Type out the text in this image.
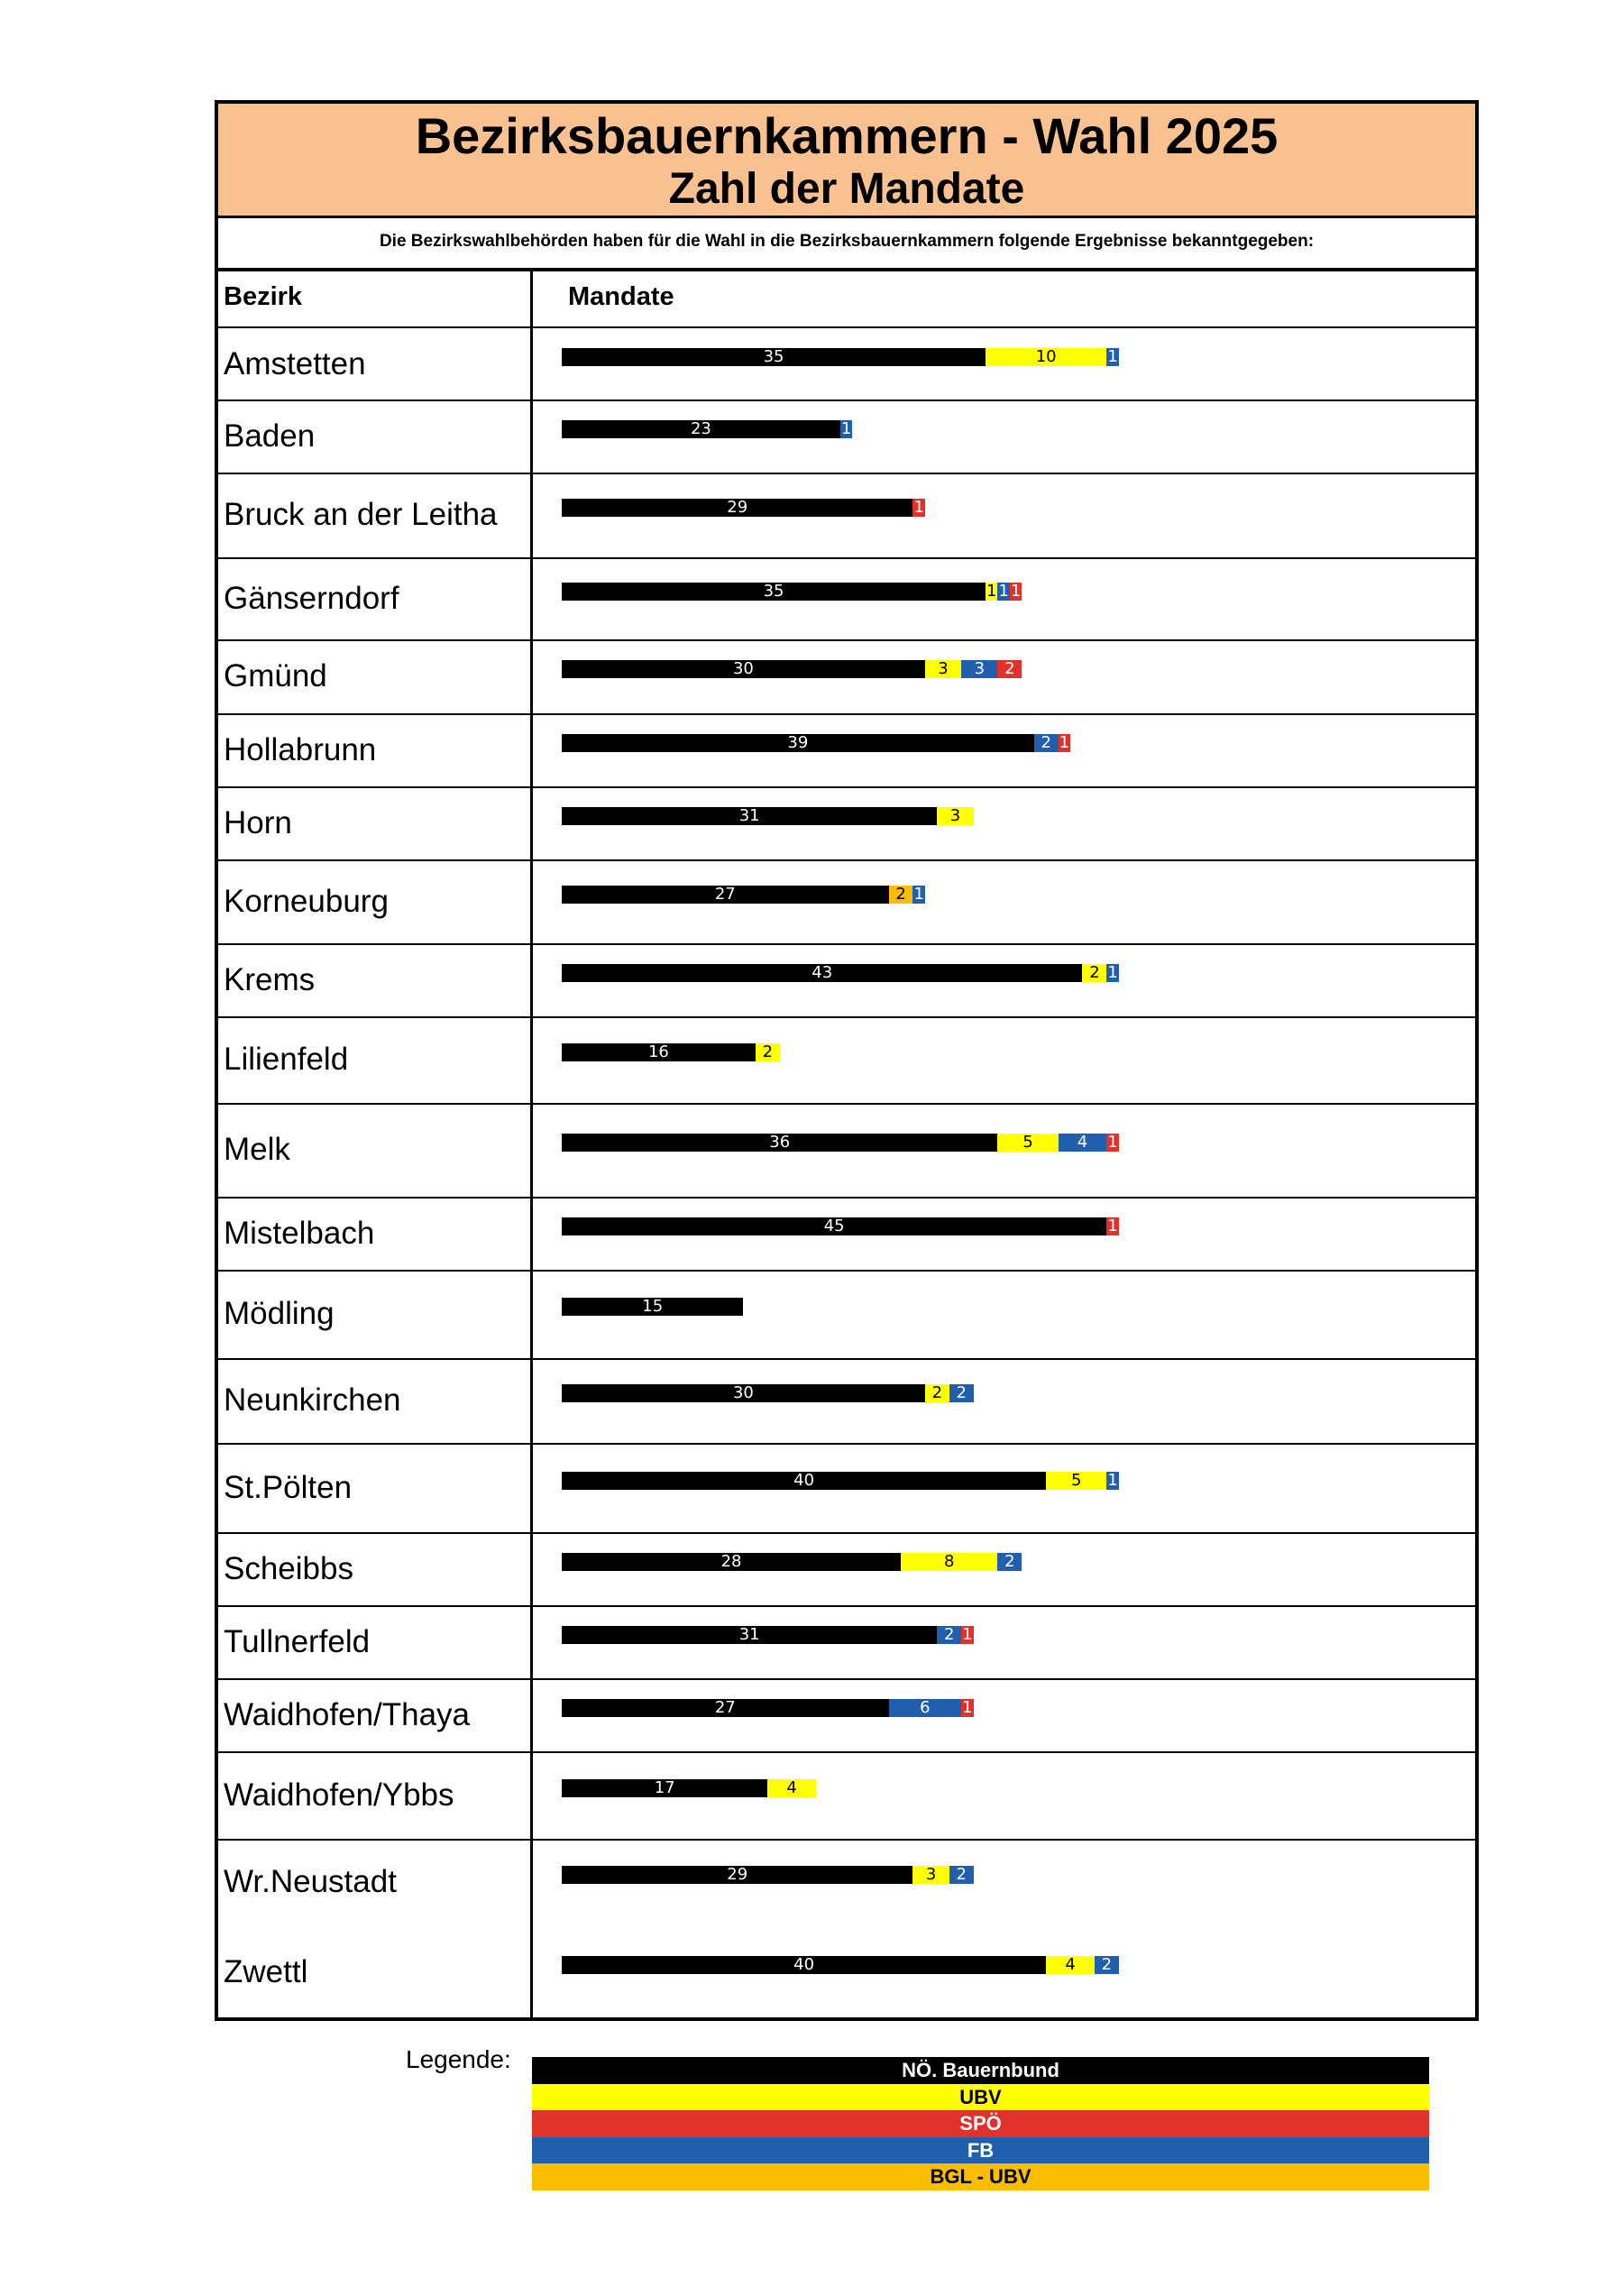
Bezirksbauernkammern - Wahl 2025
Zahl der Mandate
Die Bezirkswahlbehörden haben für die Wahl in die Bezirksbauernkammern folgende Ergebnisse bekanntgegeben:
Bezirk	Mandate
Amstetten	35	10	1
Baden	23	1
Bruck an der Leitha	29	1
Gänserndorf	35	1 1 1
Gmünd	30	3	3	2
Hollabrunn	39	2 1
Horn	31	3
Korneuburg	27	2 1
Krems	43	2 1
Lilienfeld	16	2
Melk	36	5	4	1
Mistelbach	45	1
Mödling	15
Neunkirchen	30	2 2
St.Pölten	40	5	1
Scheibbs	28	8	2
Tullnerfeld	31	2 1
Waidhofen/Thaya	27	6	1
Waidhofen/Ybbs	17	4
Wr.Neustadt	29	3	2
Zwettl	40	4	2
Legende:	NÖ. Bauernbund
UBV
SPÖ
FB
BGL - UBV
